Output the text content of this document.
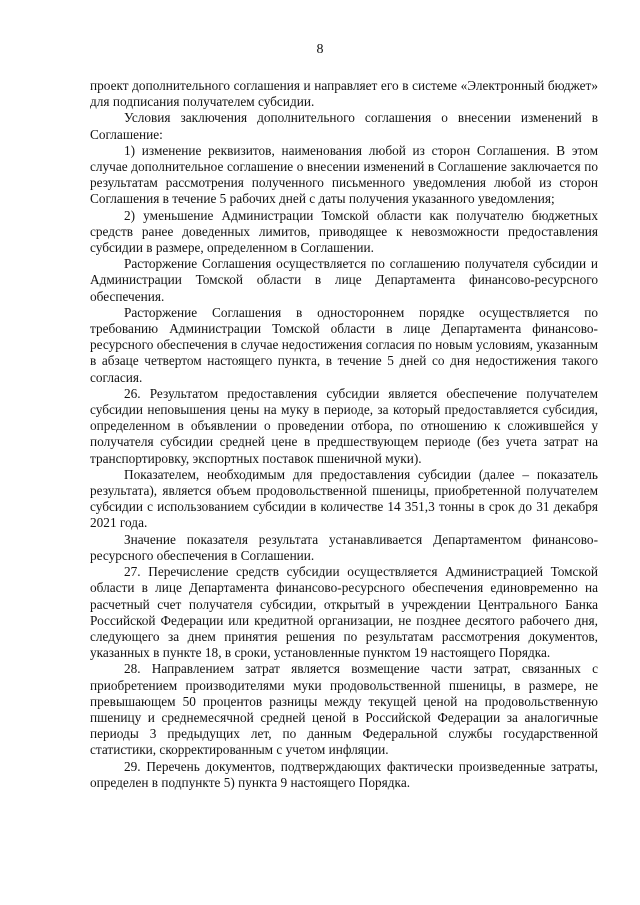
8

проект дополнительного соглашения и направляет его в системе «Электронный бюджет» для подписания получателем субсидии.

Условия заключения дополнительного соглашения о внесении изменений в Соглашение:

1) изменение реквизитов, наименования любой из сторон Соглашения. В этом случае дополнительное соглашение о внесении изменений в Соглашение заключается по результатам рассмотрения полученного письменного уведомления любой из сторон Соглашения в течение 5 рабочих дней с даты получения указанного уведомления;

2) уменьшение Администрации Томской области как получателю бюджетных средств ранее доведенных лимитов, приводящее к невозможности предоставления субсидии в размере, определенном в Соглашении.

Расторжение Соглашения осуществляется по соглашению получателя субсидии и Администрации Томской области в лице Департамента финансово-ресурсного обеспечения.

Расторжение Соглашения в одностороннем порядке осуществляется по требованию Администрации Томской области в лице Департамента финансово-ресурсного обеспечения в случае недостижения согласия по новым условиям, указанным в абзаце четвертом настоящего пункта, в течение 5 дней со дня недостижения такого согласия.

26. Результатом предоставления субсидии является обеспечение получателем субсидии неповышения цены на муку в периоде, за который предоставляется субсидия, определенном в объявлении о проведении отбора, по отношению к сложившейся у получателя субсидии средней цене в предшествующем периоде (без учета затрат на транспортировку, экспортных поставок пшеничной муки).

Показателем, необходимым для предоставления субсидии (далее – показатель результата), является объем продовольственной пшеницы, приобретенной получателем субсидии с использованием субсидии в количестве 14 351,3 тонны в срок до 31 декабря 2021 года.

Значение показателя результата устанавливается Департаментом финансово-ресурсного обеспечения в Соглашении.

27. Перечисление средств субсидии осуществляется Администрацией Томской области в лице Департамента финансово-ресурсного обеспечения единовременно на расчетный счет получателя субсидии, открытый в учреждении Центрального Банка Российской Федерации или кредитной организации, не позднее десятого рабочего дня, следующего за днем принятия решения по результатам рассмотрения документов, указанных в пункте 18, в сроки, установленные пунктом 19 настоящего Порядка.

28. Направлением затрат является возмещение части затрат, связанных с приобретением производителями муки продовольственной пшеницы, в размере, не превышающем 50 процентов разницы между текущей ценой на продовольственную пшеницу и среднемесячной средней ценой в Российской Федерации за аналогичные периоды 3 предыдущих лет, по данным Федеральной службы государственной статистики, скорректированным с учетом инфляции.

29. Перечень документов, подтверждающих фактически произведенные затраты, определен в подпункте 5) пункта 9 настоящего Порядка.
